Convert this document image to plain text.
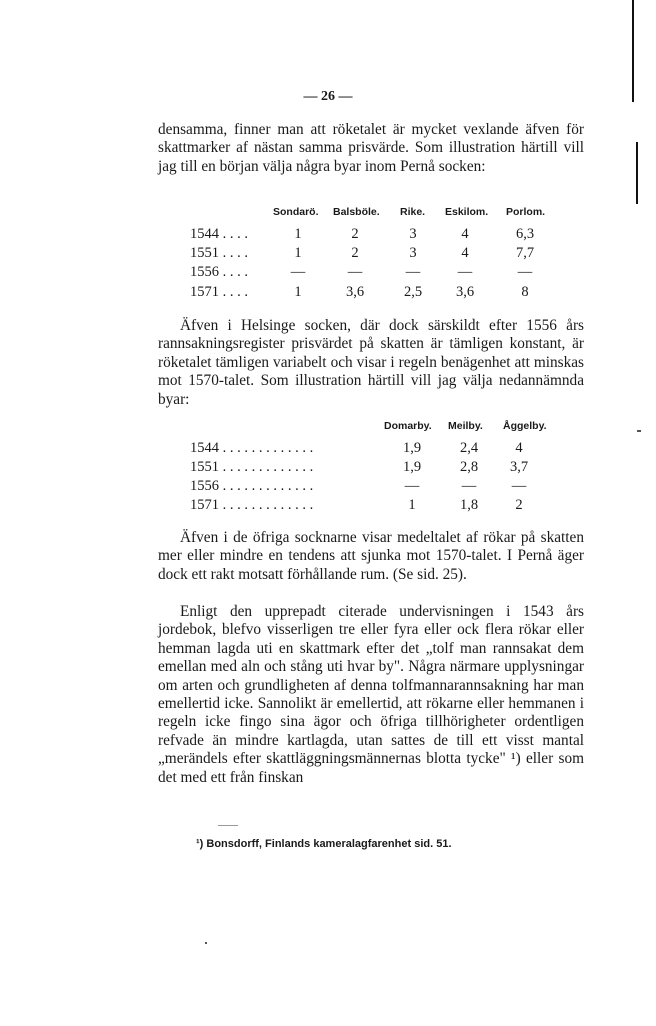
— 26 —

densamma, finner man att röketalet är mycket vexlande äfven för skattmarker af nästan samma prisvärde. Som illustration härtill vill jag till en början välja några byar inom Pernå socken:

Sondarö. Balsböle. Rike. Eskilom. Porlom.
1544 . . . .	1	2	3	4	6,3
1551 . . . .	1	2	3	4	7,7
1556 . . . .	—	—	—	—	—
1571 . . . .	1	3,6	2,5	3,6	8

Äfven i Helsinge socken, där dock särskildt efter 1556 års rannsakningsregister prisvärdet på skatten är tämligen konstant, är röketalet tämligen variabelt och visar i regeln benägenhet att minskas mot 1570-talet. Som illustration härtill vill jag välja nedannämnda byar:

Domarby. Meilby. Åggelby.
1544 . . . . . . . . . . . . .	1,9	2,4	4
1551 . . . . . . . . . . . . .	1,9	2,8	3,7
1556 . . . . . . . . . . . . .	—	—	—
1571 . . . . . . . . . . . . .	1	1,8	2

Äfven i de öfriga socknarne visar medeltalet af rökar på skatten mer eller mindre en tendens att sjunka mot 1570-talet. I Pernå äger dock ett rakt motsatt förhållande rum. (Se sid. 25).

Enligt den upprepadt citerade undervisningen i 1543 års jordebok, blefvo visserligen tre eller fyra eller ock flera rökar eller hemman lagda uti en skattmark efter det „tolf man rannsakat dem emellan med aln och stång uti hvar by". Några närmare upplysningar om arten och grundligheten af denna tolfmannarannsakning har man emellertid icke. Sannolikt är emellertid, att rökarne eller hemmanen i regeln icke fingo sina ägor och öfriga tillhörigheter ordentligen refvade än mindre kartlagda, utan sattes de till ett visst mantal „merändels efter skattläggningsmännernas blotta tycke" ¹) eller som det med ett från finskan

¹) Bonsdorff, Finlands kameralagfarenhet sid. 51.
